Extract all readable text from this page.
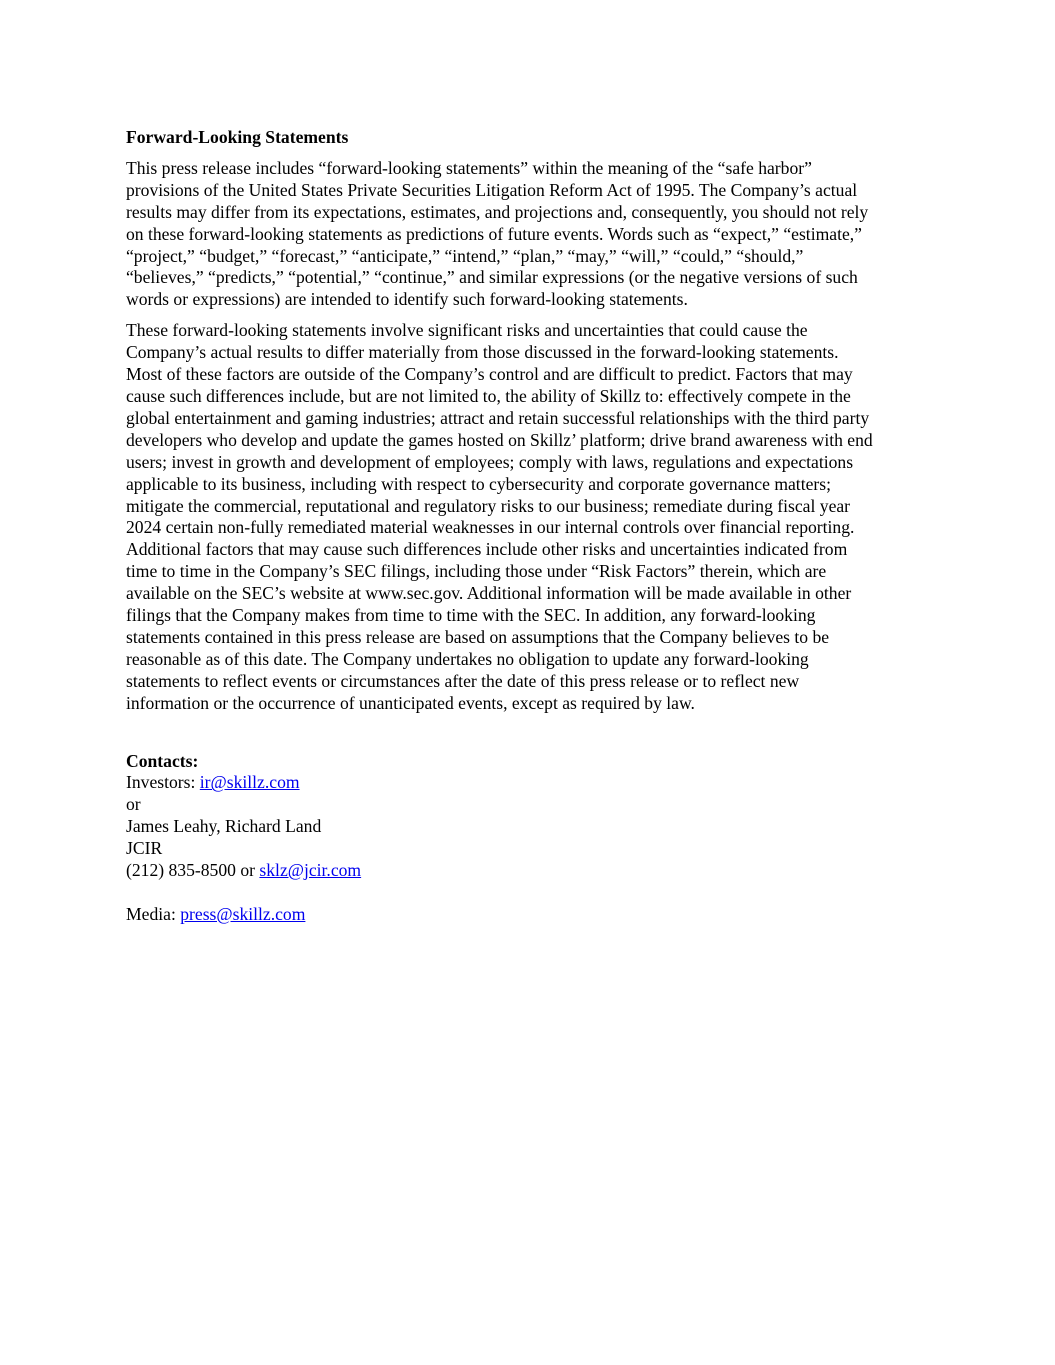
Forward-Looking Statements
This press release includes “forward-looking statements” within the meaning of the “safe harbor”
provisions of the United States Private Securities Litigation Reform Act of 1995. The Company’s actual
results may differ from its expectations, estimates, and projections and, consequently, you should not rely
on these forward-looking statements as predictions of future events. Words such as “expect,” “estimate,”
“project,” “budget,” “forecast,” “anticipate,” “intend,” “plan,” “may,” “will,” “could,” “should,”
“believes,” “predicts,” “potential,” “continue,” and similar expressions (or the negative versions of such
words or expressions) are intended to identify such forward-looking statements.
These forward-looking statements involve significant risks and uncertainties that could cause the
Company’s actual results to differ materially from those discussed in the forward-looking statements.
Most of these factors are outside of the Company’s control and are difficult to predict. Factors that may
cause such differences include, but are not limited to, the ability of Skillz to: effectively compete in the
global entertainment and gaming industries; attract and retain successful relationships with the third party
developers who develop and update the games hosted on Skillz’ platform; drive brand awareness with end
users; invest in growth and development of employees; comply with laws, regulations and expectations
applicable to its business, including with respect to cybersecurity and corporate governance matters;
mitigate the commercial, reputational and regulatory risks to our business; remediate during fiscal year
2024 certain non-fully remediated material weaknesses in our internal controls over financial reporting.
Additional factors that may cause such differences include other risks and uncertainties indicated from
time to time in the Company’s SEC filings, including those under “Risk Factors” therein, which are
available on the SEC’s website at www.sec.gov. Additional information will be made available in other
filings that the Company makes from time to time with the SEC. In addition, any forward-looking
statements contained in this press release are based on assumptions that the Company believes to be
reasonable as of this date. The Company undertakes no obligation to update any forward-looking
statements to reflect events or circumstances after the date of this press release or to reflect new
information or the occurrence of unanticipated events, except as required by law.
Contacts:
Investors: ir@skillz.com
or
James Leahy, Richard Land
JCIR
(212) 835-8500 or sklz@jcir.com
Media: press@skillz.com
